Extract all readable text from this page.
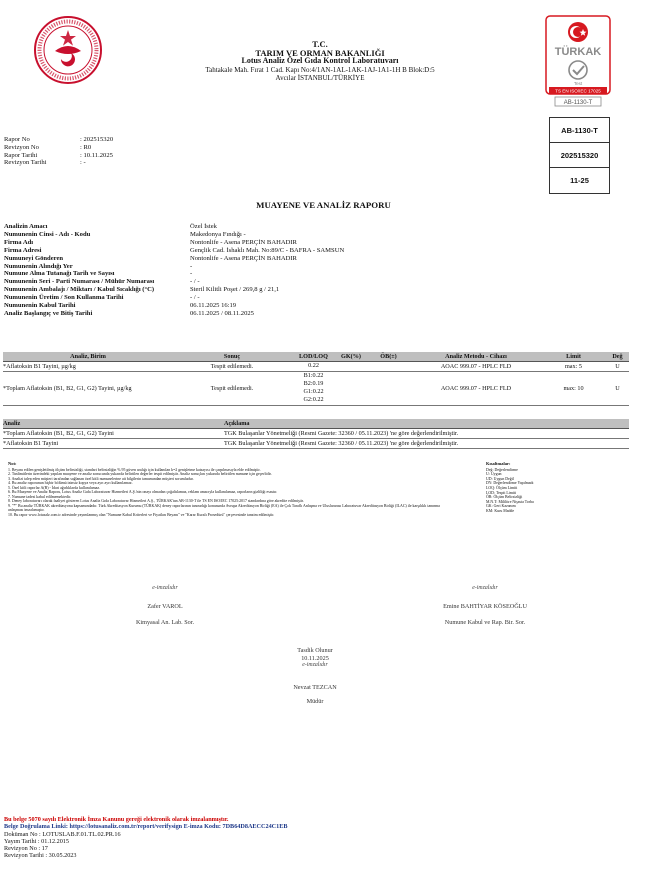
T.C.
TARIM VE ORMAN BAKANLIĞI
Lotus Analiz Özel Gıda Kontrol Laboratuvarı
Tahtakale Mah. Fırat 1 Cad. Kapı No:4/1AN-1AL-1AK-1AJ-1A1-1H B Blok:D:5
Avcılar İSTANBUL/TÜRKİYE
TÜRKAK
Test
TS EN ISO/IEC 17025
AB-1130-T
Rapor No	: 202515320
Revizyon No	: R0
Rapor Tarihi	: 10.11.2025
Revizyon Tarihi	: -
AB-1130-T
202515320
11-25
MUAYENE VE ANALİZ RAPORU
Analizin Amacı	Özel İstek
Numunenin Cinsi - Adı - Kodu	Makedonya Fındığı -
Firma Adı	Nontonlife - Asena PERÇİN BAHADIR
Firma Adresi	Gençlik Cad. İshaklı Mah. No:89/C - BAFRA - SAMSUN
Numuneyi Gönderen	Nontonlife - Asena PERÇİN BAHADIR
Numunenin Alındığı Yer	-
Numune Alma Tutanağı Tarih ve Sayısı	-
Numunenin Seri - Parti Numarası / Mühür Numarası	- / -
Numunenin Ambalajı / Miktarı / Kabul Sıcaklığı (°C)	Steril Kilitli Poşet / 269,8 g / 21,1
Numunenin Üretim / Son Kullanma Tarihi	- / -
Numunenin Kabul Tarihi	06.11.2025 16:19
Analiz Başlangıç ve Bitiş Tarihi	06.11.2025 / 08.11.2025
Analiz, Birim	Sonuç	LOD/LOQ	GK(%)	ÖB(±)	Analiz Metodu - Cihazı	Limit	Değ
*Aflatoksin B1 Tayini, µg/kg	Tespit edilemedi.	0.22			AOAC 999.07 - HPLC FLD	max: 5	U
*Toplam Aflatoksin (B1, B2, G1, G2) Tayini, µg/kg	Tespit edilemedi.	B1:0.22
B2:0.19
G1:0.22
G2:0.22			AOAC 999.07 - HPLC FLD	max: 10	U
Analiz	Açıklama
*Toplam Aflatoksin (B1, B2, G1, G2) Tayini	TGK Bulaşanlar Yönetmeliği (Resmi Gazete: 32360 / 05.11.2023) 'ne göre değerlendirilmiştir.
*Aflatoksin B1 Tayini	TGK Bulaşanlar Yönetmeliği (Resmi Gazete: 32360 / 05.11.2023) 'ne göre değerlendirilmiştir.
Not:
1. Beyanı edilen genişletilmiş ölçüm belirsizliği, standart belirsizliğin % 95 güven aralığı için kullanılan k=2 genişletme katsayısı ile çarpılmasıyla elde edilmiştir.
2. Tanlimitlerin üzerindeki yapılan muayene ve analiz sonucunda yukarıda belirtilen değerler tespit edilmiştir. Analiz sonuçları yukarıda belirtilen numune için geçerlidir.
3. Analizi talep eden müşteri tarafından sağlanan özel kitli numunelerine ait bilgilerin tamamından müşteri sorumludur.
4. Bu analiz raporunun hiçbir bölümü izinsiz kopya veya ayrı ayrı kullanılamaz.
5. Özel kitli raporlar A(B) - İdari ağırlıklarda kullanılamaz.
6. Bu Muayene ve Analiz Raporu, Lotus Analiz Gıda Laboratuvar Hizmetleri A.Ş.'nin onayı olmadan çoğaltılamaz, reklam amacıyla kullanılamaz, raporların gizliliği esastır.
7. Numune iadesi kabul edilmemektedir.
8. Deney laboratuvarı olarak faaliyet gösteren Lotus Analiz Gıda Laboratuvar Hizmetleri A.Ş., TÜRKAK'tan AB-1130-T ile TS EN ISO/IEC 17025:2017 standardına göre akredite edilmiştir.
9. "*" Bu analiz TÜRKAK akreditasyonu kapsamındadır. Türk Akreditasyon Kurumu (TÜRKAK) deney raporlarının tanınırlığı konusunda Avrupa Akreditasyon Birliği (EA) ile Çok Taraflı Anlaşma ve Uluslararası Laboratuvar Akreditasyon Birliği (ILAC) ile karşılıklı tanınma anlaşması imzalamıştır.
10. Bu rapor www.lotusalz.com.tr adresinde yayımlanmış olan "Numune Kabul Kriterleri ve Fiyatları Beyanı" ve "Karar Kuralı Prosedürü" çerçevesinde tanzim edilmiştir.
Kısaltmalar:
Değ: Değerlendirme
U: Uygun
UD: Uygun Değil
DY: Değerlendirme Yapılmadı
LOQ: Ölçüm Limiti
LOD: Tespit Limiti
ÖB: Ölçüm Belirsizliği
M.N.T: Mililitre Nişasta Torba
GK: Geri Kazanım
KM: Kuru Madde
e-imzalıdır
Zafer VAROL
Kimyasal An. Lab. Sor.
e-imzalıdır
Emine BAHTİYAR KÖSEOĞLU
Numune Kabul ve Rap. Bir. Sor.
Tasdik Olunur
10.11.2025
e-imzalıdır
Nevzat TEZCAN
Müdür
Bu belge 5070 sayılı Elektronik İmza Kanunu gereği elektronik olarak imzalanmıştır.
Belge Doğrulama Linki: https://lotusanaliz.com.tr/report/verifysign E-imza Kodu: 7DB64D8AECC24C1EB
Doküman No : LOTUSLAB.F.01.TL.02.PR.16
Yayım Tarihi : 01.12.2015
Revizyon No : 17
Revizyon Tarihi : 30.05.2023
